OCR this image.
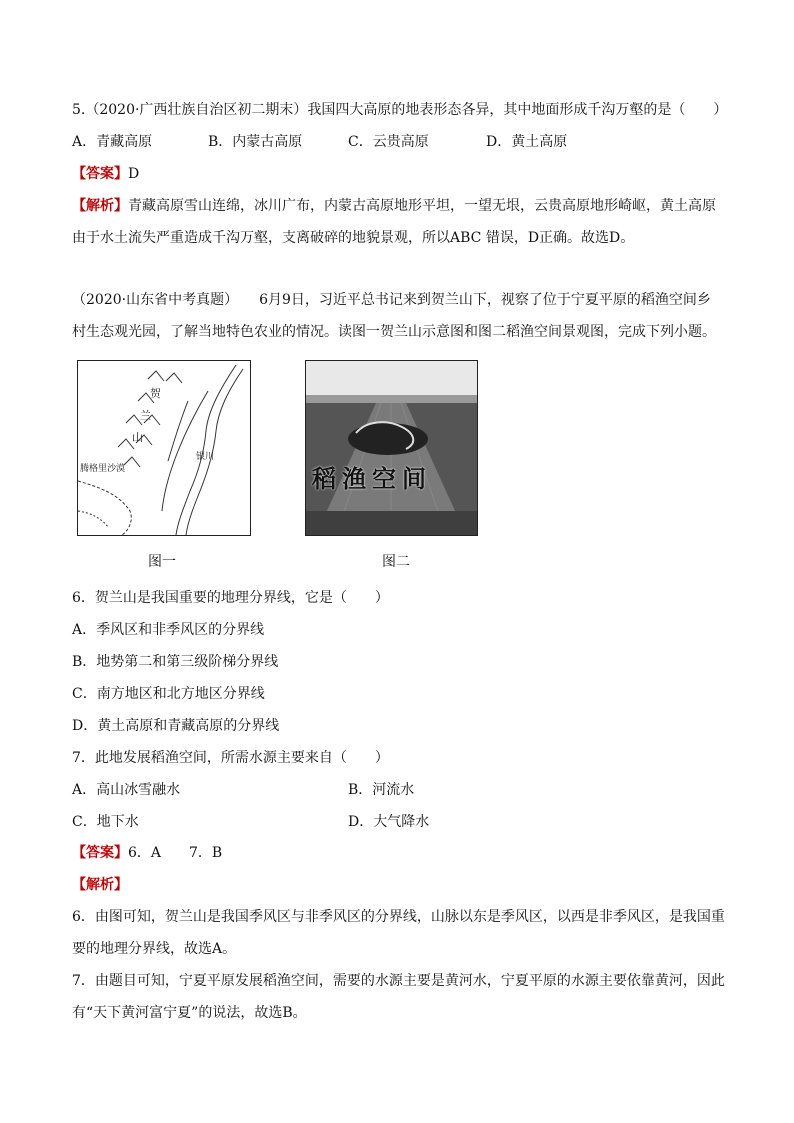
5.（2020·广西壮族自治区初二期末）我国四大高原的地表形态各异，其中地面形成千沟万壑的是（　　）
A．青藏高原	B．内蒙古高原	C．云贵高原	D．黄土高原
【答案】D
【解析】青藏高原雪山连绵，冰川广布，内蒙古高原地形平坦，一望无垠，云贵高原地形崎岖，黄土高原
由于水土流失严重造成千沟万壑，支离破碎的地貌景观，所以ABC 错误，D正确。故选D。
（2020·山东省中考真题）　　6月9日，习近平总书记来到贺兰山下，视察了位于宁夏平原的稻渔空间乡
村生态观光园，了解当地特色农业的情况。读图一贺兰山示意图和图二稻渔空间景观图，完成下列小题。
腾格里沙漠
贺
兰
山
银川
图一
稻渔空间
图二
6．贺兰山是我国重要的地理分界线，它是（　　）
A．季风区和非季风区的分界线
B．地势第二和第三级阶梯分界线
C．南方地区和北方地区分界线
D．黄土高原和青藏高原的分界线
7．此地发展稻渔空间，所需水源主要来自（　　）
A．高山冰雪融水	B．河流水
C．地下水	D．大气降水
【答案】6．A　　7．B
【解析】
6．由图可知，贺兰山是我国季风区与非季风区的分界线，山脉以东是季风区，以西是非季风区，是我国重
要的地理分界线，故选A。
7．由题目可知，宁夏平原发展稻渔空间，需要的水源主要是黄河水，宁夏平原的水源主要依靠黄河，因此
有“天下黄河富宁夏”的说法，故选B。
